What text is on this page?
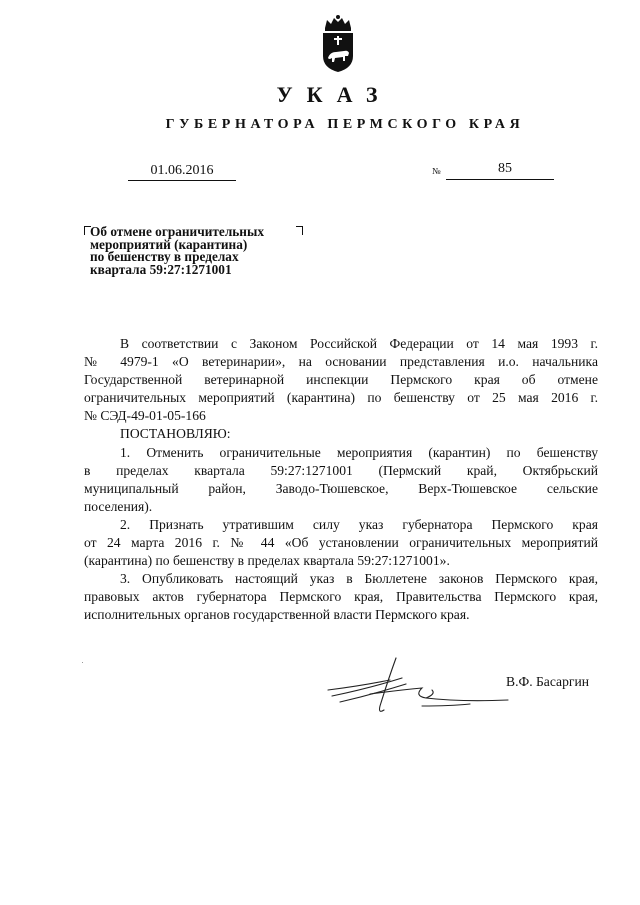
УКАЗ
ГУБЕРНАТОРА ПЕРМСКОГО КРАЯ
01.06.2016	№	85
Об отмене ограничительных
мероприятий (карантина)
по бешенству в пределах
квартала 59:27:1271001
В соответствии с Законом Российской Федерации от 14 мая 1993 г.
№ 4979-1 «О ветеринарии», на основании представления и.о. начальника
Государственной ветеринарной инспекции Пермского края об отмене
ограничительных мероприятий (карантина) по бешенству от 25 мая 2016 г.
№ СЭД-49-01-05-166
ПОСТАНОВЛЯЮ:
1. Отменить ограничительные мероприятия (карантин) по бешенству
в пределах квартала 59:27:1271001 (Пермский край, Октябрьский
муниципальный район, Заводо-Тюшевское, Верх-Тюшевское сельские
поселения).
2. Признать утратившим силу указ губернатора Пермского края
от 24 марта 2016 г. № 44 «Об установлении ограничительных мероприятий
(карантина) по бешенству в пределах квартала 59:27:1271001».
3. Опубликовать настоящий указ в Бюллетене законов Пермского края,
правовых актов губернатора Пермского края, Правительства Пермского края,
исполнительных органов государственной власти Пермского края.
В.Ф. Басаргин
